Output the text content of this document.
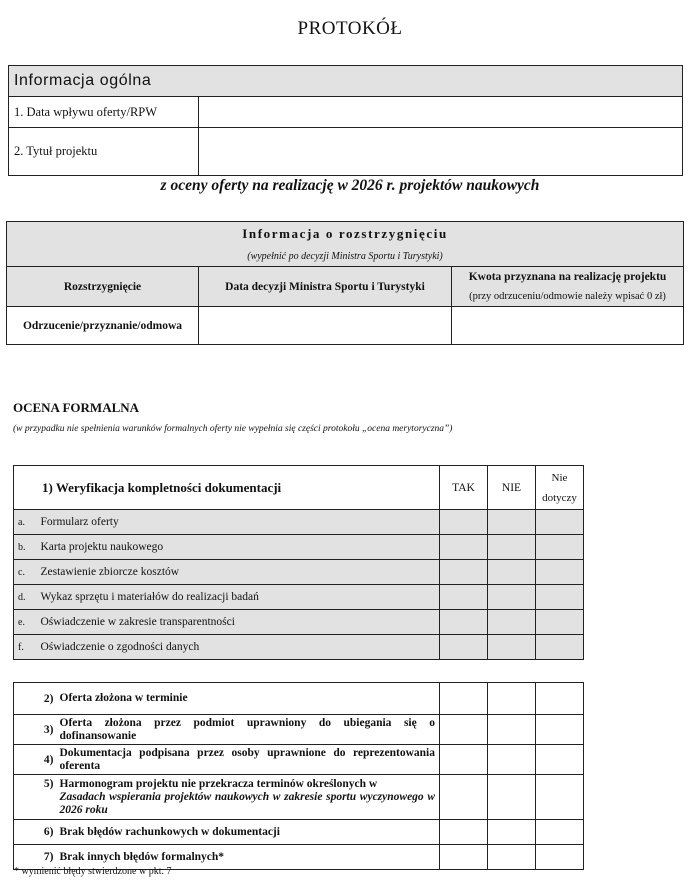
PROTOKÓŁ
Informacja ogólna	
1. Data wpływu oferty/RPW	
2. Tytuł projektu	
z oceny oferty na realizację w 2026 r. projektów naukowych
Informacja o rozstrzygnięciu
(wypełnić po decyzji Ministra Sportu i Turystyki)		

Rozstrzygnięcie	Data decyzji Ministra Sportu i Turystyki	Kwota przyznana na realizację projektu
(przy odrzuceniu/odmowie należy wpisać 0 zł)

Odrzucenie/przyznanie/odmowa		
OCENA FORMALNA
(w przypadku nie spełnienia warunków formalnych oferty nie wypełnia się części protokołu „ocena merytoryczna”)
1) Weryfikacja kompletności dokumentacji		TAK	NIE	Nie
dotyczy
a.	Formularz oferty			
b.	Karta projektu naukowego			
c.	Zestawienie zbiorcze kosztów			
d.	Wykaz sprzętu i materiałów do realizacji badań			
e.	Oświadczenie w zakresie transparentności			
f.	Oświadczenie o zgodności danych			
2)	Oferta złożona w terminie			
3)	Oferta złożona przez podmiot uprawniony do ubiegania się o dofinansowanie			
4)	Dokumentacja podpisana przez osoby uprawnione do reprezentowania oferenta			
5)	Harmonogram projektu nie przekracza terminów określonych w
Zasadach wspierania projektów naukowych w zakresie sportu wyczynowego w 2026 roku			
6)	Brak błędów rachunkowych w dokumentacji			
7)	Brak innych błędów formalnych*			
* wymienić błędy stwierdzone w pkt. 7
